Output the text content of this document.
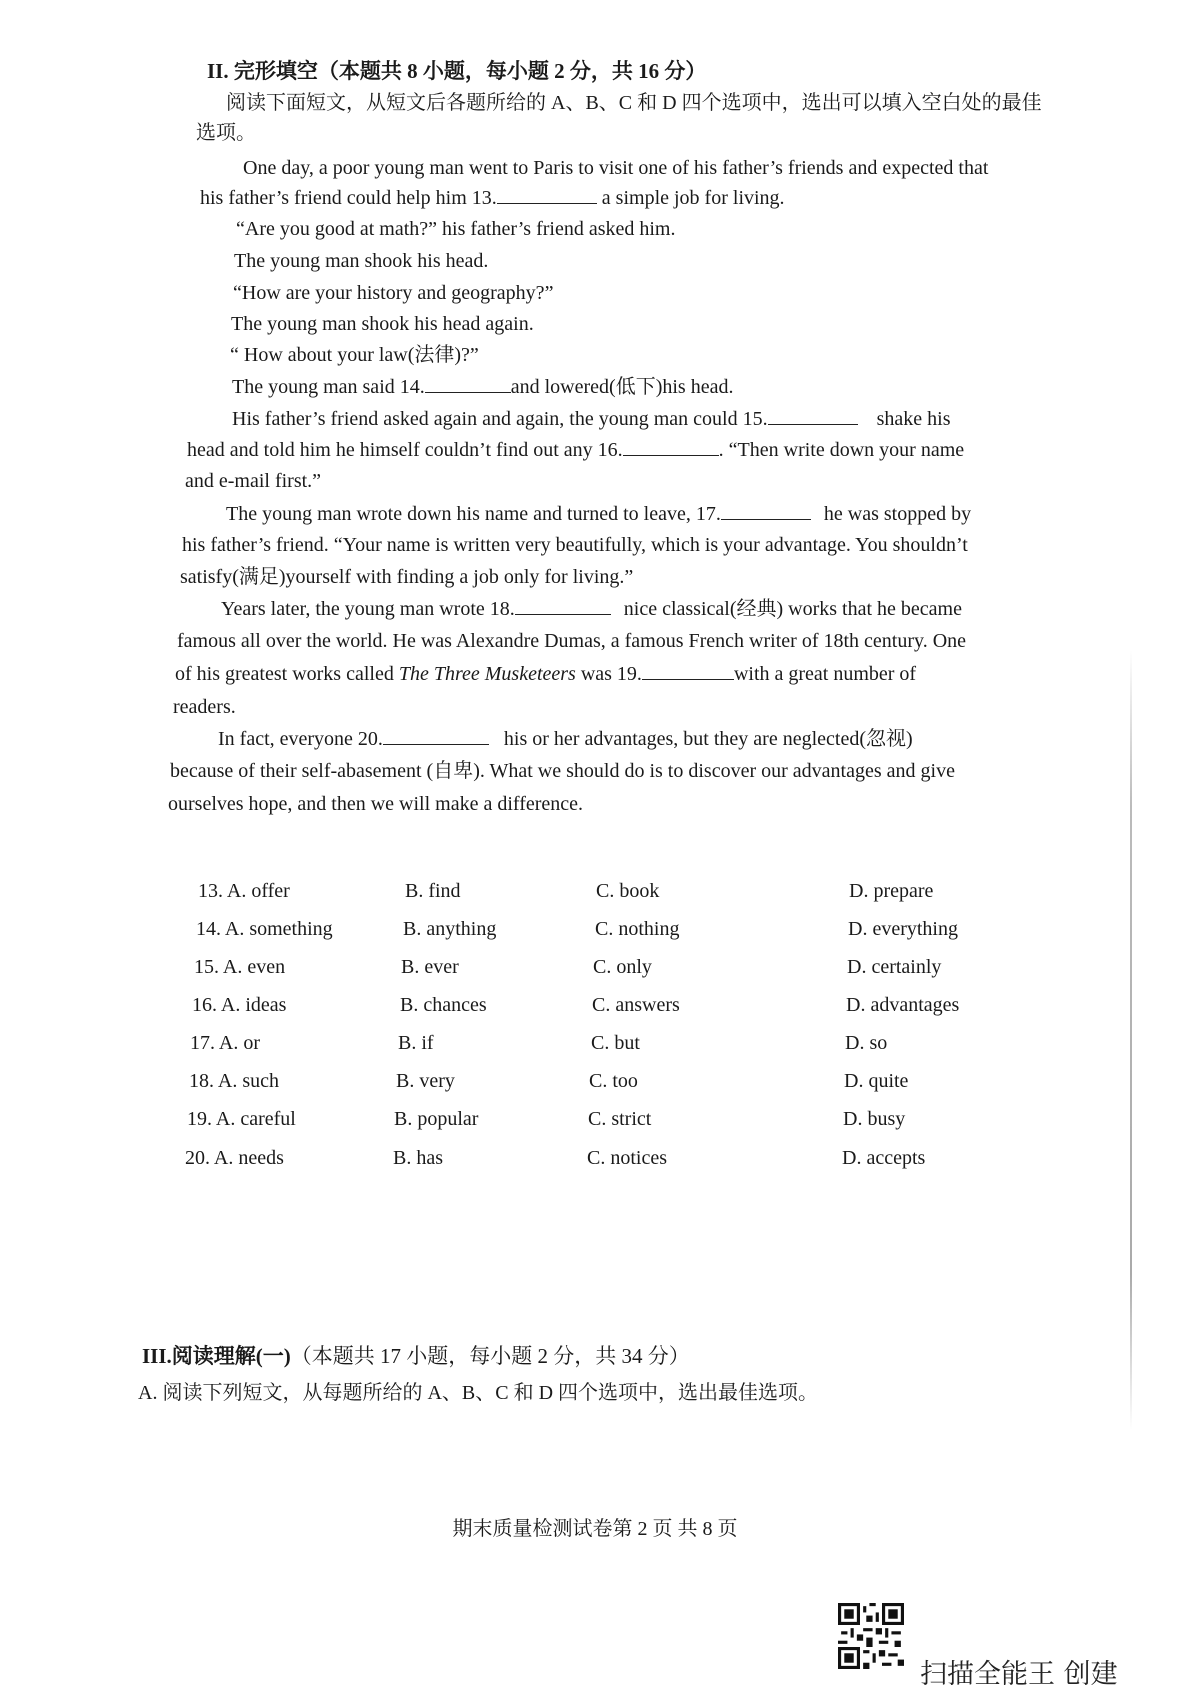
II. 完形填空（本题共 8 小题，每小题 2 分，共 16 分）
阅读下面短文，从短文后各题所给的 A、B、C 和 D 四个选项中，选出可以填入空白处的最佳选项。
One day, a poor young man went to Paris to visit one of his father’s friends and expected that
his father’s friend could help him 13.	a simple job for living.
“Are you good at math?” his father’s friend asked him.
The young man shook his head.
“How are your history and geography?”
The young man shook his head again.
“ How about your law(法律)?”
The young man said 14.	and lowered(低下)his head.
His father’s friend asked again and again, the young man could 15.	shake his
head and told him he himself couldn’t find out any 16.	. “Then write down your name
and e-mail first.”
The young man wrote down his name and turned to leave, 17.	he was stopped by
his father’s friend. “Your name is written very beautifully, which is your advantage. You shouldn’t
satisfy(满足)yourself with finding a job only for living.”
Years later, the young man wrote 18.	nice classical(经典) works that he became
famous all over the world. He was Alexandre Dumas, a famous French writer of 18th century. One
of his greatest works called The Three Musketeers was 19.	with a great number of
readers.
In fact, everyone 20.	his or her advantages, but they are neglected(忽视)
because of their self-abasement (自卑). What we should do is to discover our advantages and give
ourselves hope, and then we will make a difference.
13. A. offer	B. find	C. book	D. prepare
14. A. something	B. anything	C. nothing	D. everything
15. A. even	B. ever	C. only	D. certainly
16. A. ideas	B. chances	C. answers	D. advantages
17. A. or	B. if	C. but	D. so
18. A. such	B. very	C. too	D. quite
19. A. careful	B. popular	C. strict	D. busy
20. A. needs	B. has	C. notices	D. accepts
III.阅读理解(一)（本题共 17 小题，每小题 2 分，共 34 分）
A. 阅读下列短文，从每题所给的 A、B、C 和 D 四个选项中，选出最佳选项。
期末质量检测试卷第 2 页 共 8 页
扫描全能王 创建
